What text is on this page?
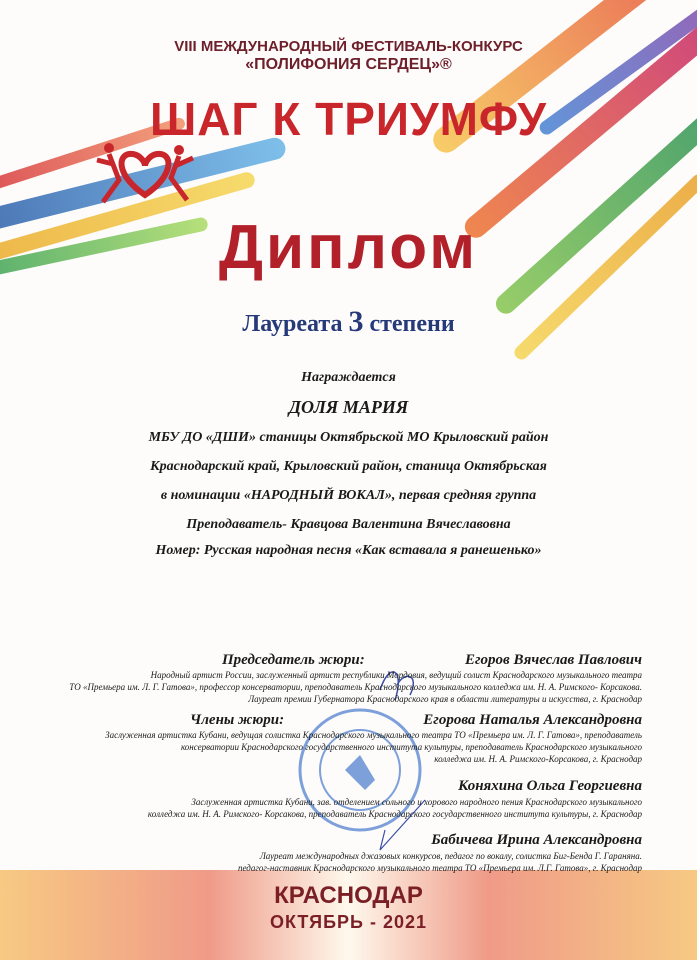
VIII МЕЖДУНАРОДНЫЙ ФЕСТИВАЛЬ-КОНКУРС
«ПОЛИФОНИЯ СЕРДЕЦ»®
ШАГ К ТРИУМФУ
Диплом
Лауреата 3 степени
Награждается
ДОЛЯ МАРИЯ
МБУ ДО «ДШИ» станицы Октябрьской МО Крыловский район
Краснодарский край, Крыловский район, станица Октябрьская
в номинации «НАРОДНЫЙ ВОКАЛ», первая средняя группа
Преподаватель- Кравцова Валентина Вячеславовна
Номер: Русская народная песня «Как вставала я ранешенько»
Председатель жюри:	Егоров Вячеслав Павлович
Народный артист России, заслуженный артист республики Мордовия, ведущий солист Краснодарского музыкального театра
ТО «Премьера им. Л. Г. Гатова», профессор консерватории, преподаватель Краснодарского музыкального колледжа им. Н. А. Римского- Корсакова.
Лауреат премии Губернатора Краснодарского края в области литературы и искусства, г. Краснодар
Члены жюри:	Егорова Наталья Александровна
Заслуженная артистка Кубани, ведущая солистка Краснодарского музыкального театра ТО «Премьера им. Л. Г. Гатова», преподаватель
консерватории Краснодарского государственного института культуры, преподаватель Краснодарского музыкального
колледжа им. Н. А. Римского-Корсакова, г. Краснодар
Коняхина Ольга Георгиевна
Заслуженная артистка Кубани, зав. отделением сольного и хорового народного пения Краснодарского музыкального
колледжа им. Н. А. Римского- Корсакова, преподаватель Краснодарского государственного института культуры, г. Краснодар
Бабичева Ирина Александровна
Лауреат международных джазовых конкурсов, педагог по вокалу, солистка Биг-Бенда Г. Гараняна.
педагог-наставник Краснодарского музыкального театра ТО «Премьера им. Л.Г. Гатова», г. Краснодар
КРАСНОДАР
ОКТЯБРЬ - 2021
